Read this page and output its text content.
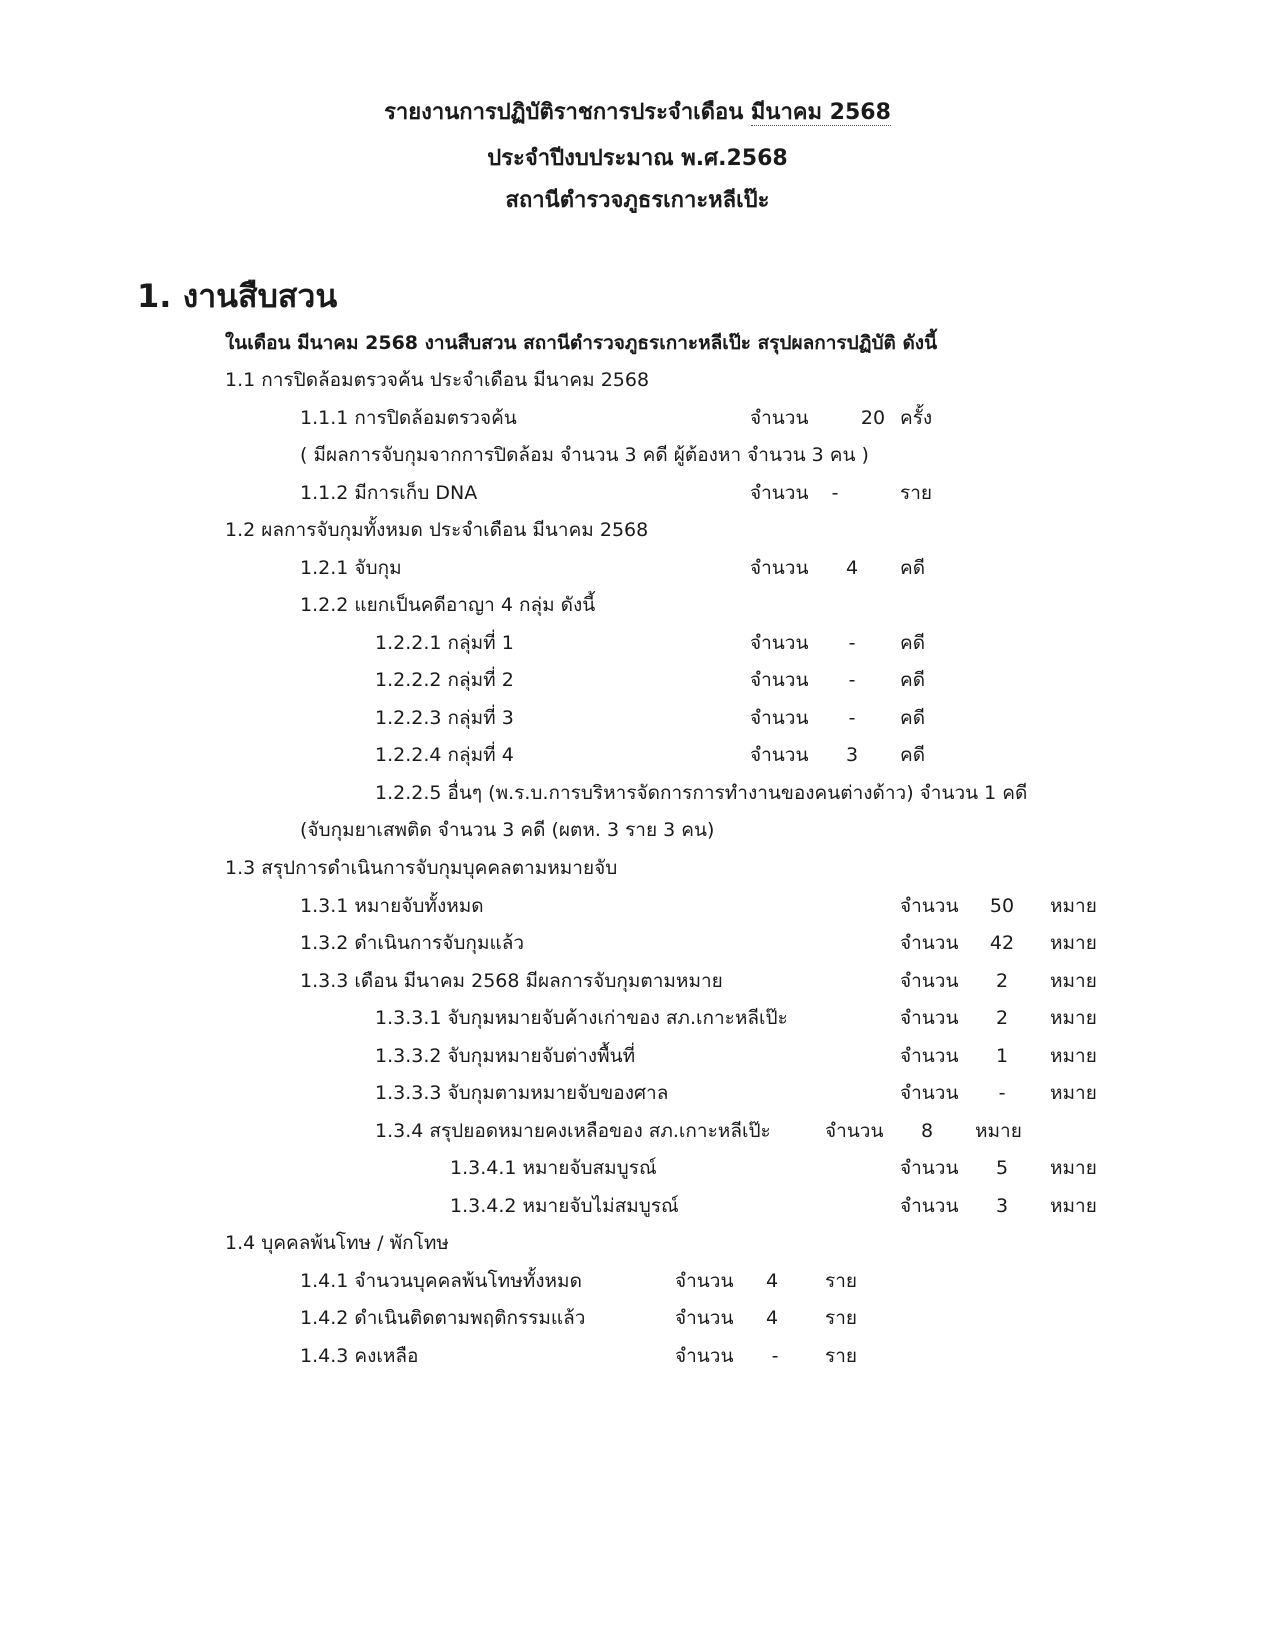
รายงานการปฏิบัติราชการประจำเดือน มีนาคม 2568
ประจำปีงบประมาณ พ.ศ.2568
สถานีตำรวจภูธรเกาะหลีเป๊ะ
1. งานสืบสวน
ในเดือน มีนาคม 2568 งานสืบสวน สถานีตำรวจภูธรเกาะหลีเป๊ะ สรุปผลการปฏิบัติ ดังนี้
1.1 การปิดล้อมตรวจค้น ประจำเดือน มีนาคม 2568
1.1.1 การปิดล้อมตรวจค้น	จำนวน	20 ครั้ง
( มีผลการจับกุมจากการปิดล้อม จำนวน 3 คดี ผู้ต้องหา จำนวน 3 คน )
1.1.2 มีการเก็บ DNA	จำนวน	-	ราย
1.2 ผลการจับกุมทั้งหมด ประจำเดือน มีนาคม 2568
1.2.1 จับกุม	จำนวน	4	คดี
1.2.2 แยกเป็นคดีอาญา 4 กลุ่ม ดังนี้
1.2.2.1 กลุ่มที่ 1	จำนวน	-	คดี
1.2.2.2 กลุ่มที่ 2	จำนวน	-	คดี
1.2.2.3 กลุ่มที่ 3	จำนวน	-	คดี
1.2.2.4 กลุ่มที่ 4	จำนวน	3	คดี
1.2.2.5 อื่นๆ (พ.ร.บ.การบริหารจัดการการทำงานของคนต่างด้าว) จำนวน 1 คดี
(จับกุมยาเสพติด จำนวน 3 คดี (ผตห. 3 ราย 3 คน)
1.3 สรุปการดำเนินการจับกุมบุคคลตามหมายจับ
1.3.1 หมายจับทั้งหมด	จำนวน	50	หมาย
1.3.2 ดำเนินการจับกุมแล้ว	จำนวน	42	หมาย
1.3.3 เดือน มีนาคม 2568 มีผลการจับกุมตามหมาย	จำนวน	2	หมาย
1.3.3.1 จับกุมหมายจับค้างเก่าของ สภ.เกาะหลีเป๊ะ	จำนวน	2	หมาย
1.3.3.2 จับกุมหมายจับต่างพื้นที่	จำนวน	1	หมาย
1.3.3.3 จับกุมตามหมายจับของศาล	จำนวน	-	หมาย
1.3.4 สรุปยอดหมายคงเหลือของ สภ.เกาะหลีเป๊ะ	จำนวน	8	หมาย
1.3.4.1 หมายจับสมบูรณ์	จำนวน	5	หมาย
1.3.4.2 หมายจับไม่สมบูรณ์	จำนวน	3	หมาย
1.4 บุคคลพ้นโทษ / พักโทษ
1.4.1 จำนวนบุคคลพ้นโทษทั้งหมด	จำนวน	4	ราย
1.4.2 ดำเนินติดตามพฤติกรรมแล้ว	จำนวน	4	ราย
1.4.3 คงเหลือ	จำนวน	-	ราย
